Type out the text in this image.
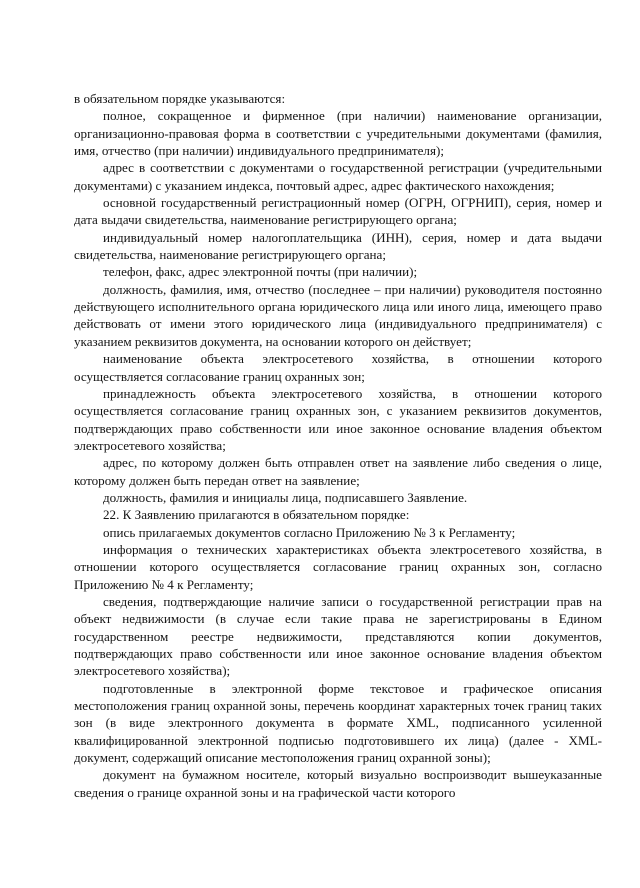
в обязательном порядке указываются:

полное, сокращенное и фирменное (при наличии) наименование организации, организационно-правовая форма в соответствии с учредительными документами (фамилия, имя, отчество (при наличии) индивидуального предпринимателя);

адрес в соответствии с документами о государственной регистрации (учредительными документами) с указанием индекса, почтовый адрес, адрес фактического нахождения;

основной государственный регистрационный номер (ОГРН, ОГРНИП), серия, номер и дата выдачи свидетельства, наименование регистрирующего органа;

индивидуальный номер налогоплательщика (ИНН), серия, номер и дата выдачи свидетельства, наименование регистрирующего органа;

телефон, факс, адрес электронной почты (при наличии);

должность, фамилия, имя, отчество (последнее – при наличии) руководителя постоянно действующего исполнительного органа юридического лица или иного лица, имеющего право действовать от имени этого юридического лица (индивидуального предпринимателя) с указанием реквизитов документа, на основании которого он действует;

наименование объекта электросетевого хозяйства, в отношении которого осуществляется согласование границ охранных зон;

принадлежность объекта электросетевого хозяйства, в отношении которого осуществляется согласование границ охранных зон, с указанием реквизитов документов, подтверждающих право собственности или иное законное основание владения объектом электросетевого хозяйства;

адрес, по которому должен быть отправлен ответ на заявление либо сведения о лице, которому должен быть передан ответ на заявление;

должность, фамилия и инициалы лица, подписавшего Заявление.

22. К Заявлению прилагаются в обязательном порядке:

опись прилагаемых документов согласно Приложению № 3 к Регламенту;

информация о технических характеристиках объекта электросетевого хозяйства, в отношении которого осуществляется согласование границ охранных зон, согласно Приложению № 4 к Регламенту;

сведения, подтверждающие наличие записи о государственной регистрации прав на объект недвижимости (в случае если такие права не зарегистрированы в Едином государственном реестре недвижимости, представляются копии документов, подтверждающих право собственности или иное законное основание владения объектом электросетевого хозяйства);

подготовленные в электронной форме текстовое и графическое описания местоположения границ охранной зоны, перечень координат характерных точек границ таких зон (в виде электронного документа в формате XML, подписанного усиленной квалифицированной электронной подписью подготовившего их лица) (далее - XML-документ, содержащий описание местоположения границ охранной зоны);

документ на бумажном носителе, который визуально воспроизводит вышеуказанные сведения о границе охранной зоны и на графической части которого
